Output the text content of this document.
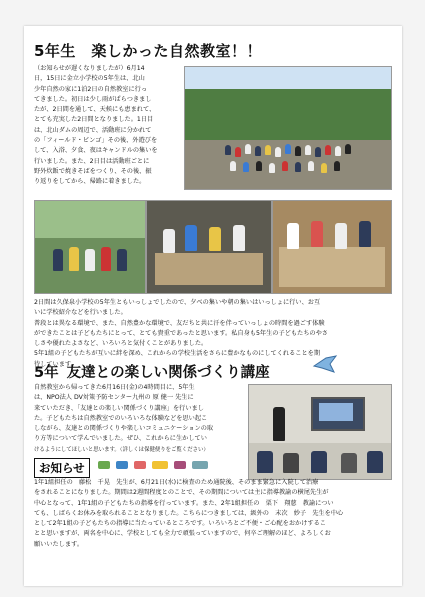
5年生　楽しかった自然教室！！

（お知らせが遅くなりましたが）6月14

日，15日に金立小学校の5年生は、北山

少年自然の家に1泊2日の自然教室に行っ

てきました。初日は少し雨がぱらつきまし

たが、2日間を通して、天候にも恵まれて、

とても充実した2日間となりました。1日目

は、北山ダムの周辺で、活動班に分かれて

の「フィールド・ビンゴ」その後、外遊びを

して、入浴、夕食、夜はキャンドルの集いを

行いました。また、2日目は活動班ごとに

野外炊飯で焼きそばをつくり、その後、振

り返りをしてから、帰路に着きました。

2日間は久保泉小学校の5年生ともいっしょでしたので、夕べの集いや朝の集いはいっしょに行い、お互

いに学校紹介などを行いました。

普段とは異なる環境で、また、自然豊かな環境で、友だちと共に汗を伴っていっしょの時間を過ごす体験

ができたことは子どもたちにとって、とても貴重であったと思います。私自身も5年生の子どもたちのやさ

しさや優れたよさなど、いろいろと気付くことがありました。

5年1組の子どもたちが互いに絆を深め、これからの学校生活をさらに豊かなものにしてくれることを期

待しています。

5年 友達との楽しい関係づくり講座

自然教室から帰ってきた6月16日(金)の4時間目に、5年生

は、NPO法人 DV対策予防センター九州の 原 健一 先生に

来ていただき、「友達との楽しい関係づくり講座」を行いまし

た。子どもたちは自然教室でのいろいろな体験などを思い起こ

しながら、友達との関係づくりや楽しいコミュニケーションの取

り方等について学んでいました。ぜひ、これからに生かしてい

けるようにしてほしいと思います。（詳しくは保健便りをご覧ください）

お知らせ

1年1組担任の　藤松　千晃　先生が、6月21日(水)に検査のため通院後、そのまま緊急に入院して治療

をされることになりました。期間は2週間程度とのことで、その期間については主に指導教諭の横尾先生が

中心となって、1年1組の子どもたちの指導を行っています。また、2年1組担任の　栗下　翔慈　教諭につい

ても、しばらくお休みを取られることとなりました。こちらにつきましては、級外の　末次　妙子　先生を中心

として2年1組の子どもたちの指導に当たっているところです。いろいろとご不便・ご心配をおかけするこ

とと思いますが、両名を中心に、学校としても全力で頑張っていますので、何卒ご理解のほど、よろしくお

願いいたします。
